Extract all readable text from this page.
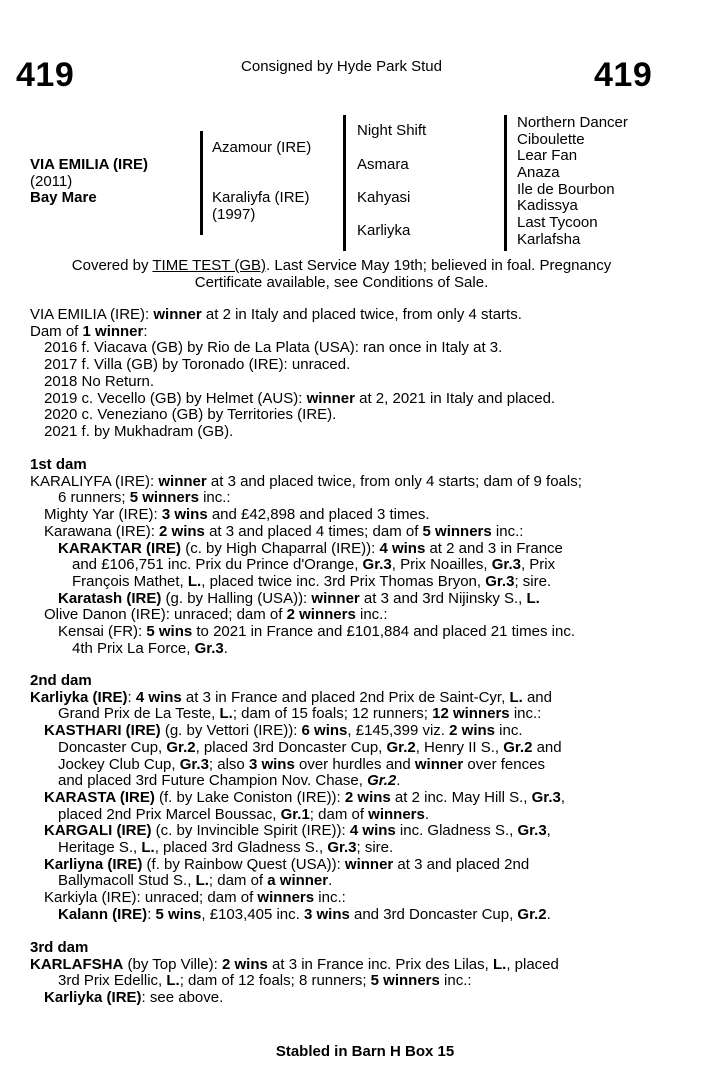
419	Consigned by Hyde Park Stud	419
VIA EMILIA (IRE)
(2011)
Bay Mare
Azamour (IRE)
Karaliyfa (IRE)
(1997)
Night Shift
Asmara
Kahyasi
Karliyka
Northern Dancer
Ciboulette
Lear Fan
Anaza
Ile de Bourbon
Kadissya
Last Tycoon
Karlafsha
Covered by TIME TEST (GB). Last Service May 19th; believed in foal. Pregnancy
Certificate available, see Conditions of Sale.
VIA EMILIA (IRE): winner at 2 in Italy and placed twice, from only 4 starts.
Dam of 1 winner:
2016 f. Viacava (GB) by Rio de La Plata (USA): ran once in Italy at 3.
2017 f. Villa (GB) by Toronado (IRE): unraced.
2018 No Return.
2019 c. Vecello (GB) by Helmet (AUS): winner at 2, 2021 in Italy and placed.
2020 c. Veneziano (GB) by Territories (IRE).
2021 f. by Mukhadram (GB).
1st dam
KARALIYFA (IRE): winner at 3 and placed twice, from only 4 starts; dam of 9 foals;
6 runners; 5 winners inc.:
Mighty Yar (IRE): 3 wins and £42,898 and placed 3 times.
Karawana (IRE): 2 wins at 3 and placed 4 times; dam of 5 winners inc.:
KARAKTAR (IRE) (c. by High Chaparral (IRE)): 4 wins at 2 and 3 in France
and £106,751 inc. Prix du Prince d'Orange, Gr.3, Prix Noailles, Gr.3, Prix
François Mathet, L., placed twice inc. 3rd Prix Thomas Bryon, Gr.3; sire.
Karatash (IRE) (g. by Halling (USA)): winner at 3 and 3rd Nijinsky S., L.
Olive Danon (IRE): unraced; dam of 2 winners inc.:
Kensai (FR): 5 wins to 2021 in France and £101,884 and placed 21 times inc.
4th Prix La Force, Gr.3.
2nd dam
Karliyka (IRE): 4 wins at 3 in France and placed 2nd Prix de Saint-Cyr, L. and
Grand Prix de La Teste, L.; dam of 15 foals; 12 runners; 12 winners inc.:
KASTHARI (IRE) (g. by Vettori (IRE)): 6 wins, £145,399 viz. 2 wins inc.
Doncaster Cup, Gr.2, placed 3rd Doncaster Cup, Gr.2, Henry II S., Gr.2 and
Jockey Club Cup, Gr.3; also 3 wins over hurdles and winner over fences
and placed 3rd Future Champion Nov. Chase, Gr.2.
KARASTA (IRE) (f. by Lake Coniston (IRE)): 2 wins at 2 inc. May Hill S., Gr.3,
placed 2nd Prix Marcel Boussac, Gr.1; dam of winners.
KARGALI (IRE) (c. by Invincible Spirit (IRE)): 4 wins inc. Gladness S., Gr.3,
Heritage S., L., placed 3rd Gladness S., Gr.3; sire.
Karliyna (IRE) (f. by Rainbow Quest (USA)): winner at 3 and placed 2nd
Ballymacoll Stud S., L.; dam of a winner.
Karkiyla (IRE): unraced; dam of winners inc.:
Kalann (IRE): 5 wins, £103,405 inc. 3 wins and 3rd Doncaster Cup, Gr.2.
3rd dam
KARLAFSHA (by Top Ville): 2 wins at 3 in France inc. Prix des Lilas, L., placed
3rd Prix Edellic, L.; dam of 12 foals; 8 runners; 5 winners inc.:
Karliyka (IRE): see above.
Stabled in Barn H Box 15
